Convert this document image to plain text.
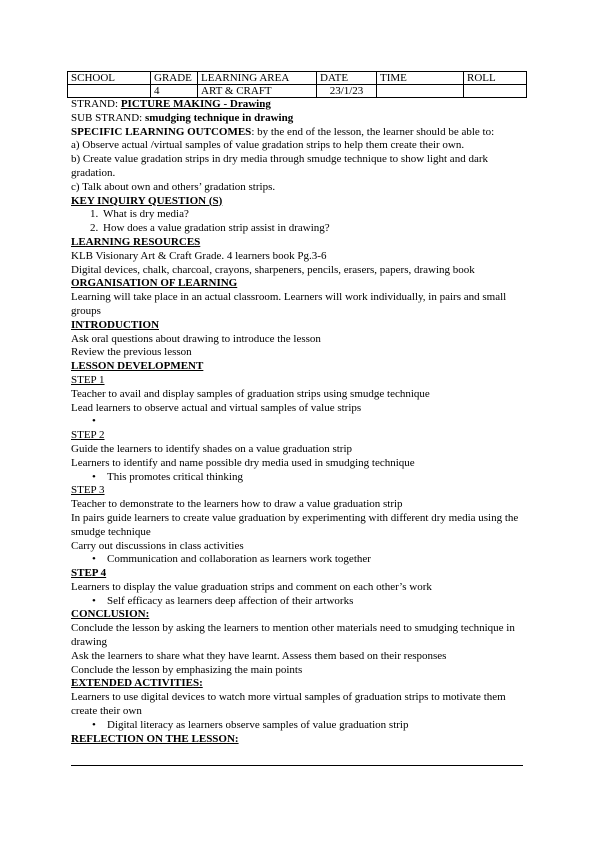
SCHOOL	GRADE	LEARNING AREA	DATE	TIME	ROLL
	4	ART & CRAFT	23/1/23		
STRAND: PICTURE MAKING - Drawing
SUB STRAND: smudging technique in drawing
SPECIFIC LEARNING OUTCOMES: by the end of the lesson, the learner should be able to:
a) Observe actual /virtual samples of value gradation strips to help them create their own.
b) Create value gradation strips in dry media through smudge technique to show light and dark gradation.
c) Talk about own and others’ gradation strips.
KEY INQUIRY QUESTION (S)
1. What is dry media?
2. How does a value gradation strip assist in drawing?
LEARNING RESOURCES
KLB Visionary Art & Craft Grade. 4 learners book Pg.3-6
Digital devices, chalk, charcoal, crayons, sharpeners, pencils, erasers, papers, drawing book
ORGANISATION OF LEARNING
Learning will take place in an actual classroom. Learners will work individually, in pairs and small groups
INTRODUCTION
Ask oral questions about drawing to introduce the lesson
Review the previous lesson
LESSON DEVELOPMENT
STEP 1
Teacher to avail and display samples of graduation strips using smudge technique
Lead learners to observe actual and virtual samples of value strips
•
STEP 2
Guide the learners to identify shades on a value graduation strip
Learners to identify and name possible dry media used in smudging technique
• This promotes critical thinking
STEP 3
Teacher to demonstrate to the learners how to draw a value graduation strip
In pairs guide learners to create value graduation by experimenting with different dry media using the smudge technique
Carry out discussions in class activities
• Communication and collaboration as learners work together
STEP 4
Learners to display the value graduation strips and comment on each other’s work
• Self efficacy as learners deep affection of their artworks
CONCLUSION:
Conclude the lesson by asking the learners to mention other materials need to smudging technique in drawing
Ask the learners to share what they have learnt. Assess them based on their responses
Conclude the lesson by emphasizing the main points
EXTENDED ACTIVITIES:
Learners to use digital devices to watch more virtual samples of graduation strips to motivate them create their own
• Digital literacy as learners observe samples of value graduation strip
REFLECTION ON THE LESSON:
